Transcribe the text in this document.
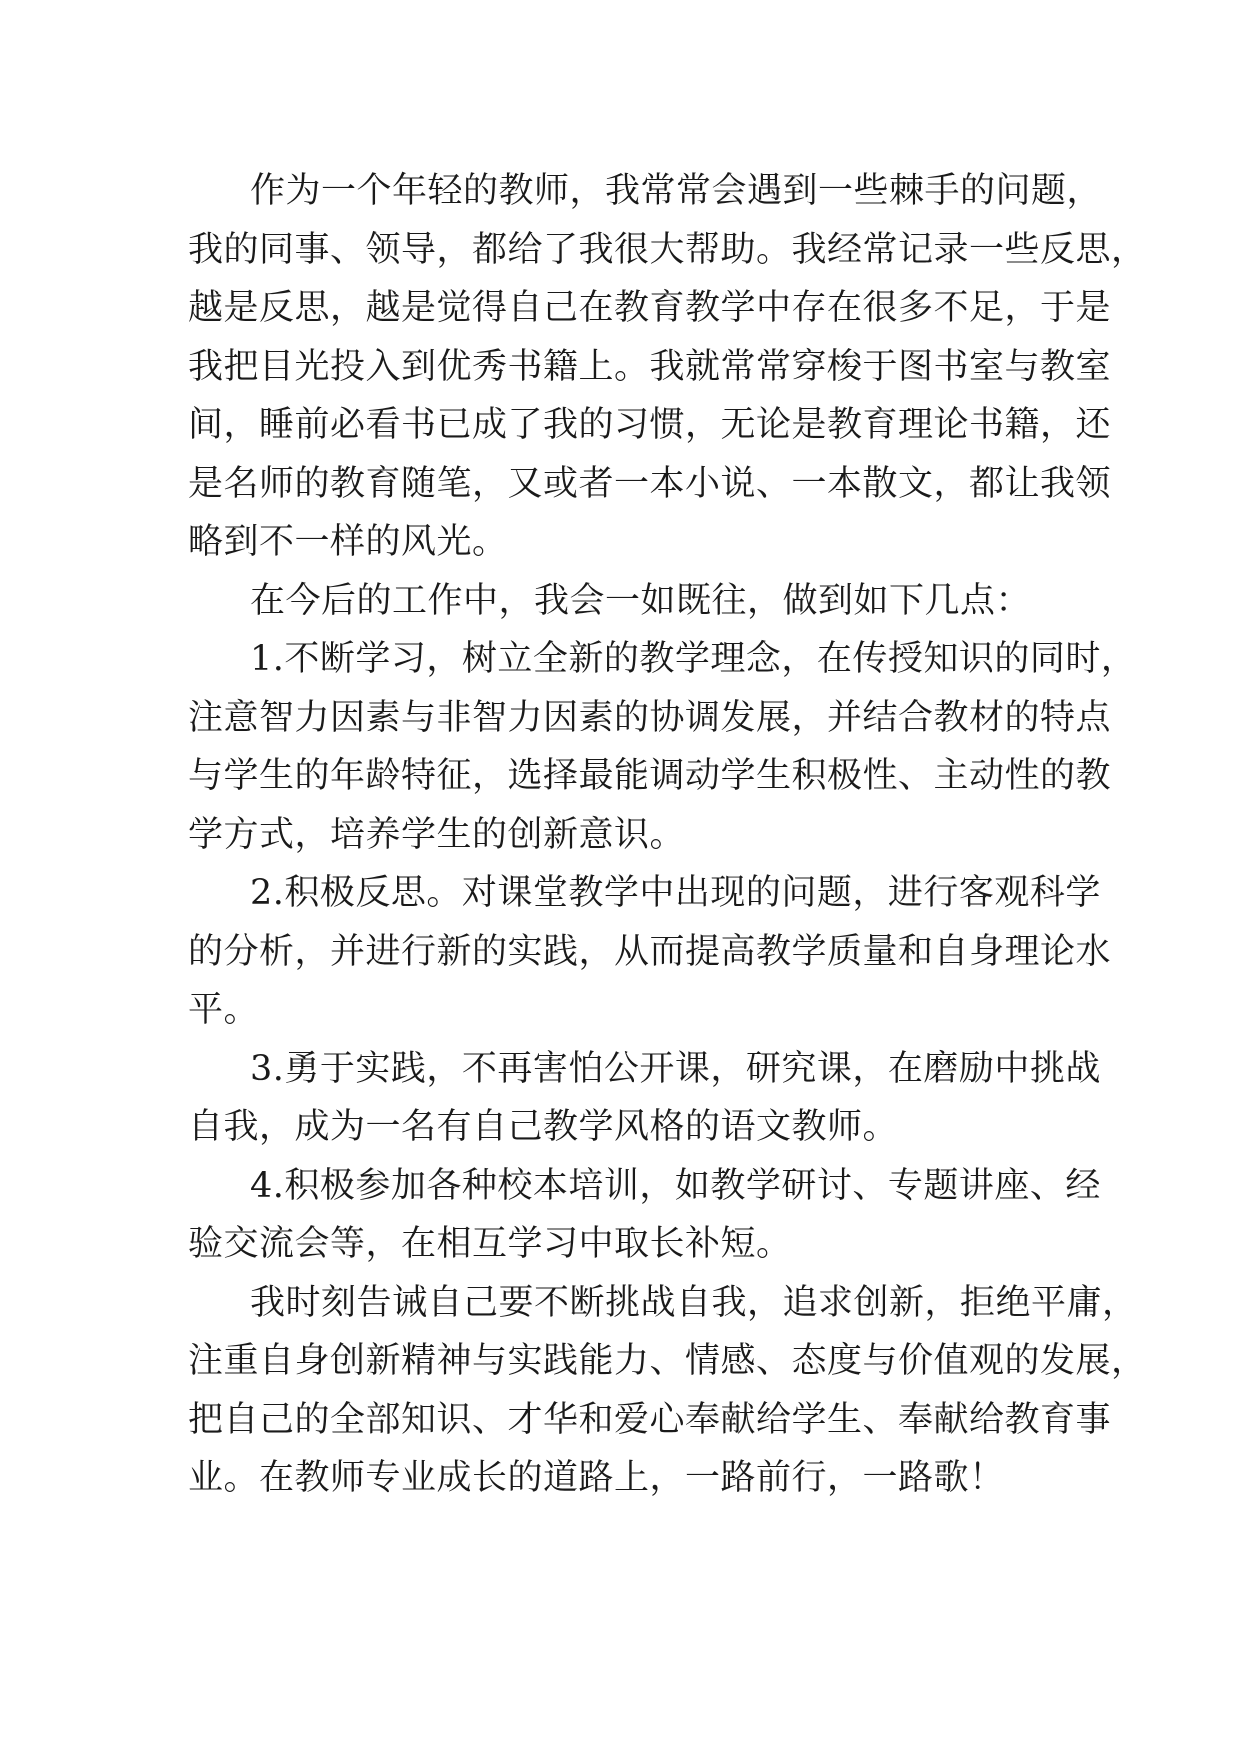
作为一个年轻的教师，我常常会遇到一些棘手的问题，
我的同事、领导，都给了我很大帮助。我经常记录一些反思，
越是反思，越是觉得自己在教育教学中存在很多不足，于是
我把目光投入到优秀书籍上。我就常常穿梭于图书室与教室
间，睡前必看书已成了我的习惯，无论是教育理论书籍，还
是名师的教育随笔，又或者一本小说、一本散文，都让我领
略到不一样的风光。

在今后的工作中，我会一如既往，做到如下几点：

1.不断学习，树立全新的教学理念，在传授知识的同时，
注意智力因素与非智力因素的协调发展，并结合教材的特点
与学生的年龄特征，选择最能调动学生积极性、主动性的教
学方式，培养学生的创新意识。

2.积极反思。对课堂教学中出现的问题，进行客观科学
的分析，并进行新的实践，从而提高教学质量和自身理论水
平。

3.勇于实践，不再害怕公开课，研究课，在磨励中挑战
自我，成为一名有自己教学风格的语文教师。

4.积极参加各种校本培训，如教学研讨、专题讲座、经
验交流会等，在相互学习中取长补短。

我时刻告诫自己要不断挑战自我，追求创新，拒绝平庸，
注重自身创新精神与实践能力、情感、态度与价值观的发展，
把自己的全部知识、才华和爱心奉献给学生、奉献给教育事
业。在教师专业成长的道路上，一路前行，一路歌！
